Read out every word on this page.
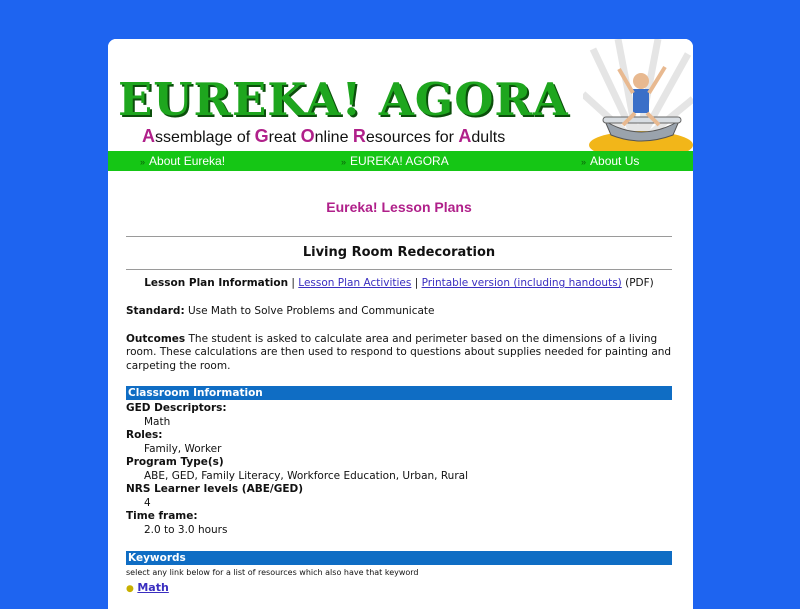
EUREKA! AGORA
Assemblage of Great Online Resources for Adults
» About Eureka!	» EUREKA! AGORA	» About Us
Eureka! Lesson Plans
Living Room Redecoration
Lesson Plan Information | Lesson Plan Activities | Printable version (including handouts) (PDF)
Standard: Use Math to Solve Problems and Communicate
Outcomes The student is asked to calculate area and perimeter based on the dimensions of a living room. These calculations are then used to respond to questions about supplies needed for painting and carpeting the room.
Classroom Information
GED Descriptors:
Math
Roles:
Family, Worker
Program Type(s)
ABE, GED, Family Literacy, Workforce Education, Urban, Rural
NRS Learner levels (ABE/GED)
4
Time frame:
2.0 to 3.0 hours
Keywords
select any link below for a list of resources which also have that keyword
● Math
